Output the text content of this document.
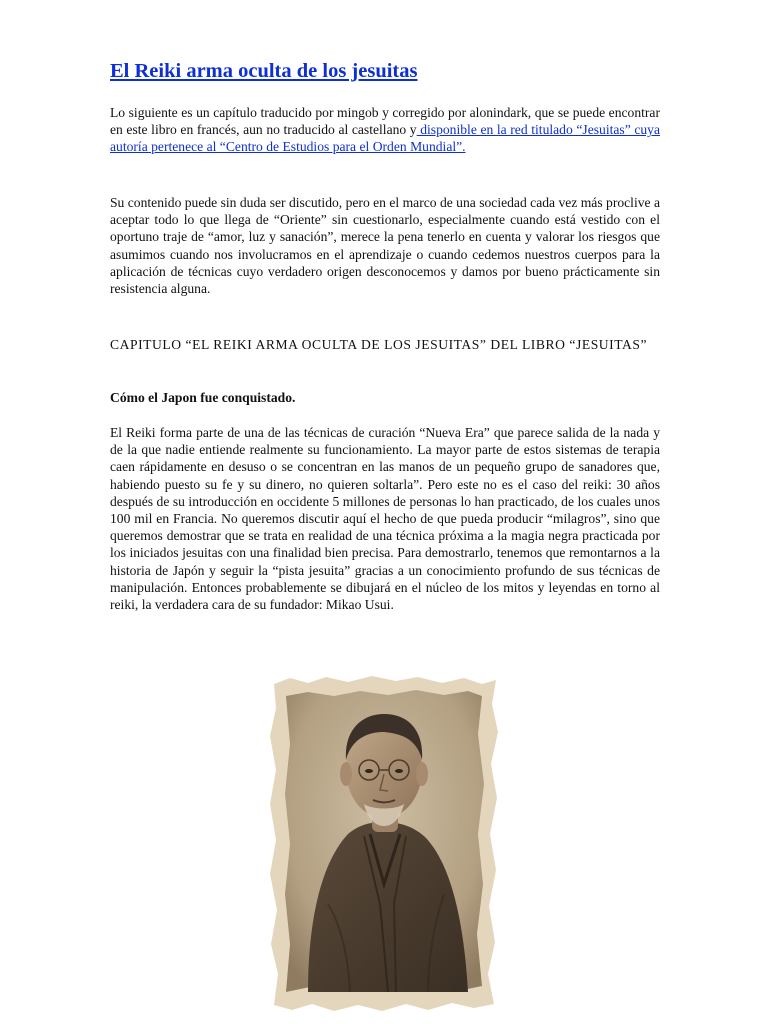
El Reiki arma oculta de los jesuitas

Lo siguiente es un capítulo traducido por mingob y corregido por alonindark, que se puede encontrar en este libro en francés, aun no traducido al castellano y disponible en la red titulado “Jesuitas” cuya autoría pertenece al “Centro de Estudios para el Orden Mundial”.

Su contenido puede sin duda ser discutido, pero en el marco de una sociedad cada vez más proclive a aceptar todo lo que llega de “Oriente” sin cuestionarlo, especialmente cuando está vestido con el oportuno traje de “amor, luz y sanación”, merece la pena tenerlo en cuenta y valorar los riesgos que asumimos cuando nos involucramos en el aprendizaje o cuando cedemos nuestros cuerpos para la aplicación de técnicas cuyo verdadero origen desconocemos y damos por bueno prácticamente sin resistencia alguna.

CAPITULO “EL REIKI ARMA OCULTA DE LOS JESUITAS” DEL LIBRO “JESUITAS”

Cómo el Japon fue conquistado.

El Reiki forma parte de una de las técnicas de curación “Nueva Era” que parece salida de la nada y de la que nadie entiende realmente su funcionamiento. La mayor parte de estos sistemas de terapia caen rápidamente en desuso o se concentran en las manos de un pequeño grupo de sanadores que, habiendo puesto su fe y su dinero, no quieren soltarla”. Pero este no es el caso del reiki: 30 años después de su introducción en occidente 5 millones de personas lo han practicado, de los cuales unos 100 mil en Francia. No queremos discutir aquí el hecho de que pueda producir “milagros”, sino que queremos demostrar que se trata en realidad de una técnica próxima a la magia negra practicada por los iniciados jesuitas con una finalidad bien precisa. Para demostrarlo, tenemos que remontarnos a la historia de Japón y seguir la “pista jesuita” gracias a un conocimiento profundo de sus técnicas de manipulación. Entonces probablemente se dibujará en el núcleo de los mitos y leyendas en torno al reiki, la verdadera cara de su fundador: Mikao Usui.
